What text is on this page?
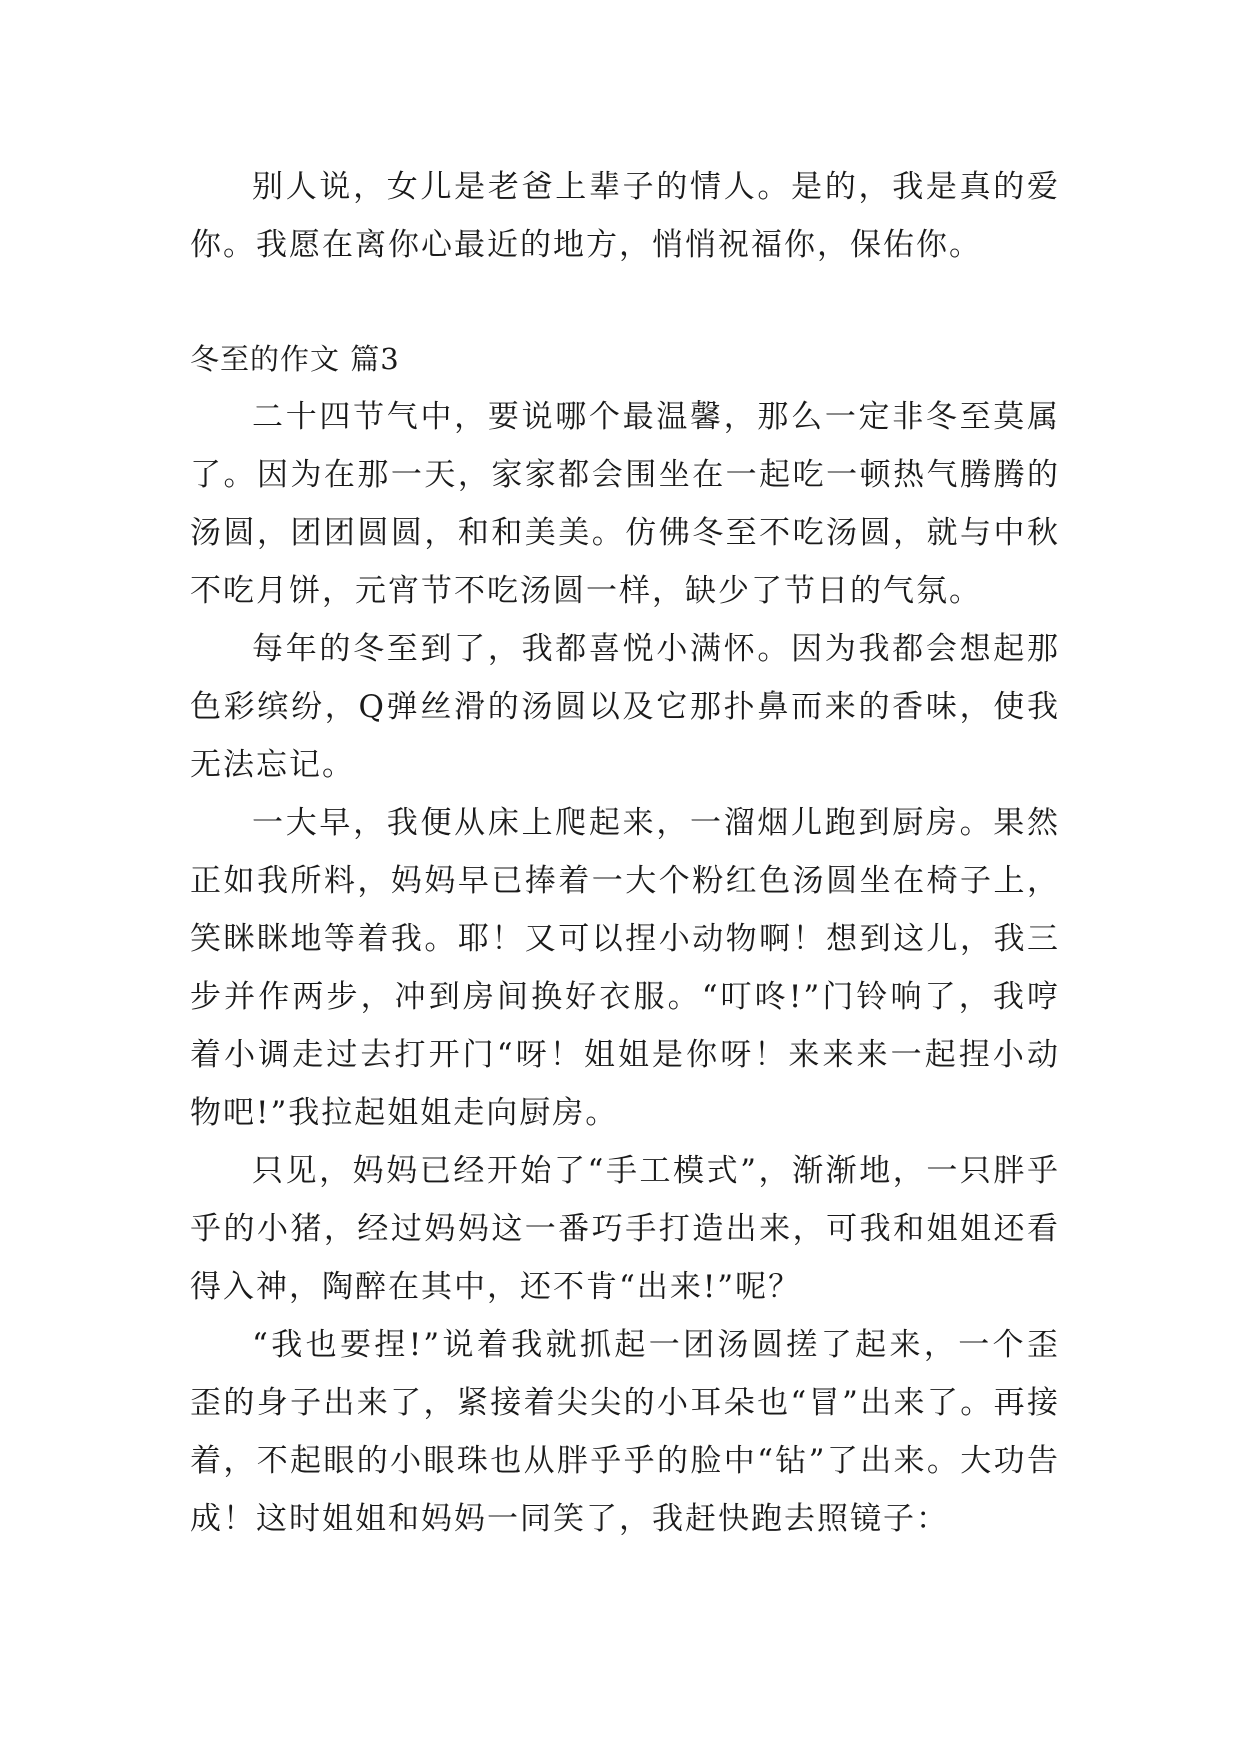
别人说，女儿是老爸上辈子的情人。是的，我是真的爱你。我愿在离你心最近的地方，悄悄祝福你，保佑你。

冬至的作文 篇3

二十四节气中，要说哪个最温馨，那么一定非冬至莫属了。因为在那一天，家家都会围坐在一起吃一顿热气腾腾的汤圆，团团圆圆，和和美美。仿佛冬至不吃汤圆，就与中秋不吃月饼，元宵节不吃汤圆一样，缺少了节日的气氛。

每年的冬至到了，我都喜悦小满怀。因为我都会想起那色彩缤纷，Q弹丝滑的汤圆以及它那扑鼻而来的香味，使我无法忘记。

一大早，我便从床上爬起来，一溜烟儿跑到厨房。果然正如我所料，妈妈早已捧着一大个粉红色汤圆坐在椅子上，笑眯眯地等着我。耶！又可以捏小动物啊！想到这儿，我三步并作两步，冲到房间换好衣服。“叮咚!”门铃响了，我哼着小调走过去打开门“呀！姐姐是你呀！来来来一起捏小动物吧!”我拉起姐姐走向厨房。

只见，妈妈已经开始了“手工模式”，渐渐地，一只胖乎乎的小猪，经过妈妈这一番巧手打造出来，可我和姐姐还看得入神，陶醉在其中，还不肯“出来!”呢？

“我也要捏!”说着我就抓起一团汤圆搓了起来，一个歪歪的身子出来了，紧接着尖尖的小耳朵也“冒”出来了。再接着，不起眼的小眼珠也从胖乎乎的脸中“钻”了出来。大功告成！这时姐姐和妈妈一同笑了，我赶快跑去照镜子：
